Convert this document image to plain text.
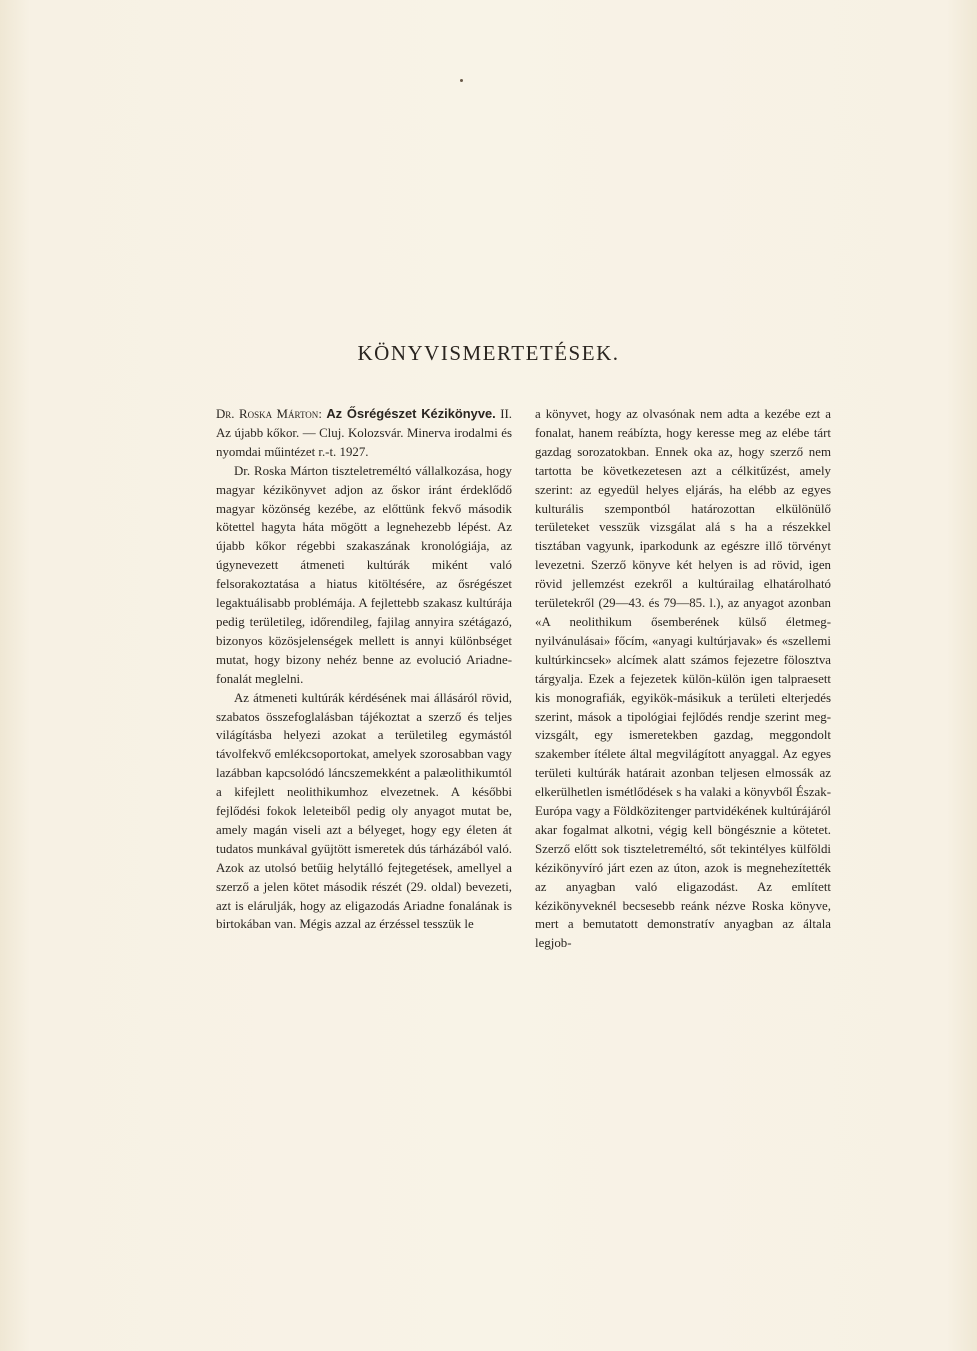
KÖNYVISMERTETÉSEK.

Dr. Roska Márton: Az Ősrégészet Kézikönyve. II. Az újabb kőkor. — Cluj. Kolozsvár. Minerva irodalmi és nyomdai műintézet r.-t. 1927.

Dr. Roska Márton tiszteletreméltó vállalkozása, hogy magyar kézikönyvet adjon az őskor iránt érdeklődő magyar közönség kezébe, az előttünk fekvő második kötettel hagyta háta mögött a legnehezebb lépést. Az újabb kőkor régebbi szakaszának kronológiája, az úgynevezett átmeneti kultúrák miként való felsorakoztatása a hiatus kitöltésére, az ősrégészet legaktuálisabb problémája. A fejlettebb szakasz kultúrája pedig területileg, időrendileg, fajilag annyira szétágazó, bizonyos közösjelenségek mellett is annyi különbséget mutat, hogy bizony nehéz benne az evolució Ariadnefonalát meglelni.

Az átmeneti kultúrák kérdésének mai állásáról rövid, szabatos összefoglalásban tájékoztat a szerző és teljes világításba helyezi azokat a területileg egymástól távolfekvő emlékcsoportokat, amelyek szorosabban vagy lazábban kapcsolódó láncszemekként a palæolithikumtól a kifejlett neolithikumhoz elvezetnek. A későbbi fejlődési fokok leleteiből pedig oly anyagot mutat be, amely magán viseli azt a bélyeget, hogy egy életen át tudatos munkával gyüjtött ismeretek dús tárházából való. Azok az utolsó betűig helytálló fejtegetések, amellyel a szerző a jelen kötet második részét (29. oldal) bevezeti, azt is elárulják, hogy az eligazodás Ariadne fonalának is birtokában van. Mégis azzal az érzéssel tesszük le

a könyvet, hogy az olvasónak nem adta a kezébe ezt a fonalat, hanem reábízta, hogy keresse meg az elébe tárt gazdag sorozatokban. Ennek oka az, hogy szerző nem tartotta be következetesen azt a célkitűzést, amely szerint: az egyedül helyes eljárás, ha elébb az egyes kulturális szempontból határozottan elkülönülő területeket vesszük vizsgálat alá s ha a részekkel tisztában vagyunk, iparkodunk az egészre illő törvényt levezetni. Szerző könyve két helyen is ad rövid, igen rövid jellemzést ezekről a kultúrailag elhatárolható területekről (29—43. és 79—85. l.), az anyagot azonban «A neolithikum ősemberének külső életmegnyilvánulásai» főcím, «anyagi kultúrjavak» és «szellemi kultúrkincsek» alcímek alatt számos fejezetre fölosztva tárgyalja. Ezek a fejezetek külön-külön igen talpraesett kis monografiák, egyikök-másikuk a területi elterjedés szerint, mások a tipológiai fejlődés rendje szerint megvizsgált, egy ismeretekben gazdag, meggondolt szakember ítélete által megvilágított anyaggal. Az egyes területi kultúrák határait azonban teljesen elmossák az elkerülhetlen ismétlődések s ha valaki a könyvből Észak-Európa vagy a Földközitenger partvidékének kultúrájáról akar fogalmat alkotni, végig kell böngésznie a kötetet. Szerző előtt sok tiszteletreméltó, sőt tekintélyes külföldi kézikönyvíró járt ezen az úton, azok is megnehezítették az anyagban való eligazodást. Az említett kézikönyveknél becsesebb reánk nézve Roska könyve, mert a bemutatott demonstratív anyagban az általa legjob-
